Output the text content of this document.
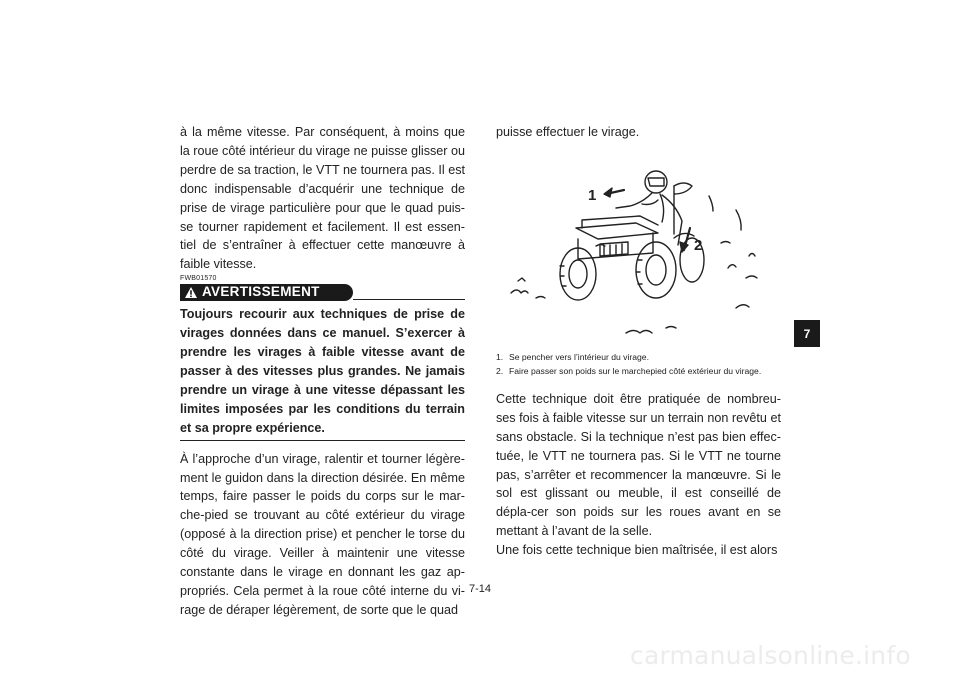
à la même vitesse. Par conséquent, à moins que la roue côté intérieur du virage ne puisse glisser ou perdre de sa traction, le VTT ne tournera pas. Il est donc indispensable d’acquérir une technique de prise de virage particulière pour que le quad puis-se tourner rapidement et facilement. Il est essen-tiel de s’entraîner à effectuer cette manœuvre à faible vitesse.

FWB01570
AVERTISSEMENT

Toujours recourir aux techniques de prise de virages données dans ce manuel. S’exercer à prendre les virages à faible vitesse avant de passer à des vitesses plus grandes. Ne jamais prendre un virage à une vitesse dépassant les limites imposées par les conditions du terrain et sa propre expérience.

À l’approche d’un virage, ralentir et tourner légère-ment le guidon dans la direction désirée. En même temps, faire passer le poids du corps sur le mar-che-pied se trouvant au côté extérieur du virage (opposé à la direction prise) et pencher le torse du côté du virage. Veiller à maintenir une vitesse constante dans le virage en donnant les gaz ap-propriés. Cela permet à la roue côté interne du vi-rage de déraper légèrement, de sorte que le quad

puisse effectuer le virage.

1
2
1. Se pencher vers l’intérieur du virage.
2. Faire passer son poids sur le marchepied côté extérieur du virage.

Cette technique doit être pratiquée de nombreu-ses fois à faible vitesse sur un terrain non revêtu et sans obstacle. Si la technique n’est pas bien effec-tuée, le VTT ne tournera pas. Si le VTT ne tourne pas, s’arrêter et recommencer la manœuvre. Si le sol est glissant ou meuble, il est conseillé de dépla-cer son poids sur les roues avant en se mettant à l’avant de la selle.

Une fois cette technique bien maîtrisée, il est alors

7-14
7
carmanualsonline.info
